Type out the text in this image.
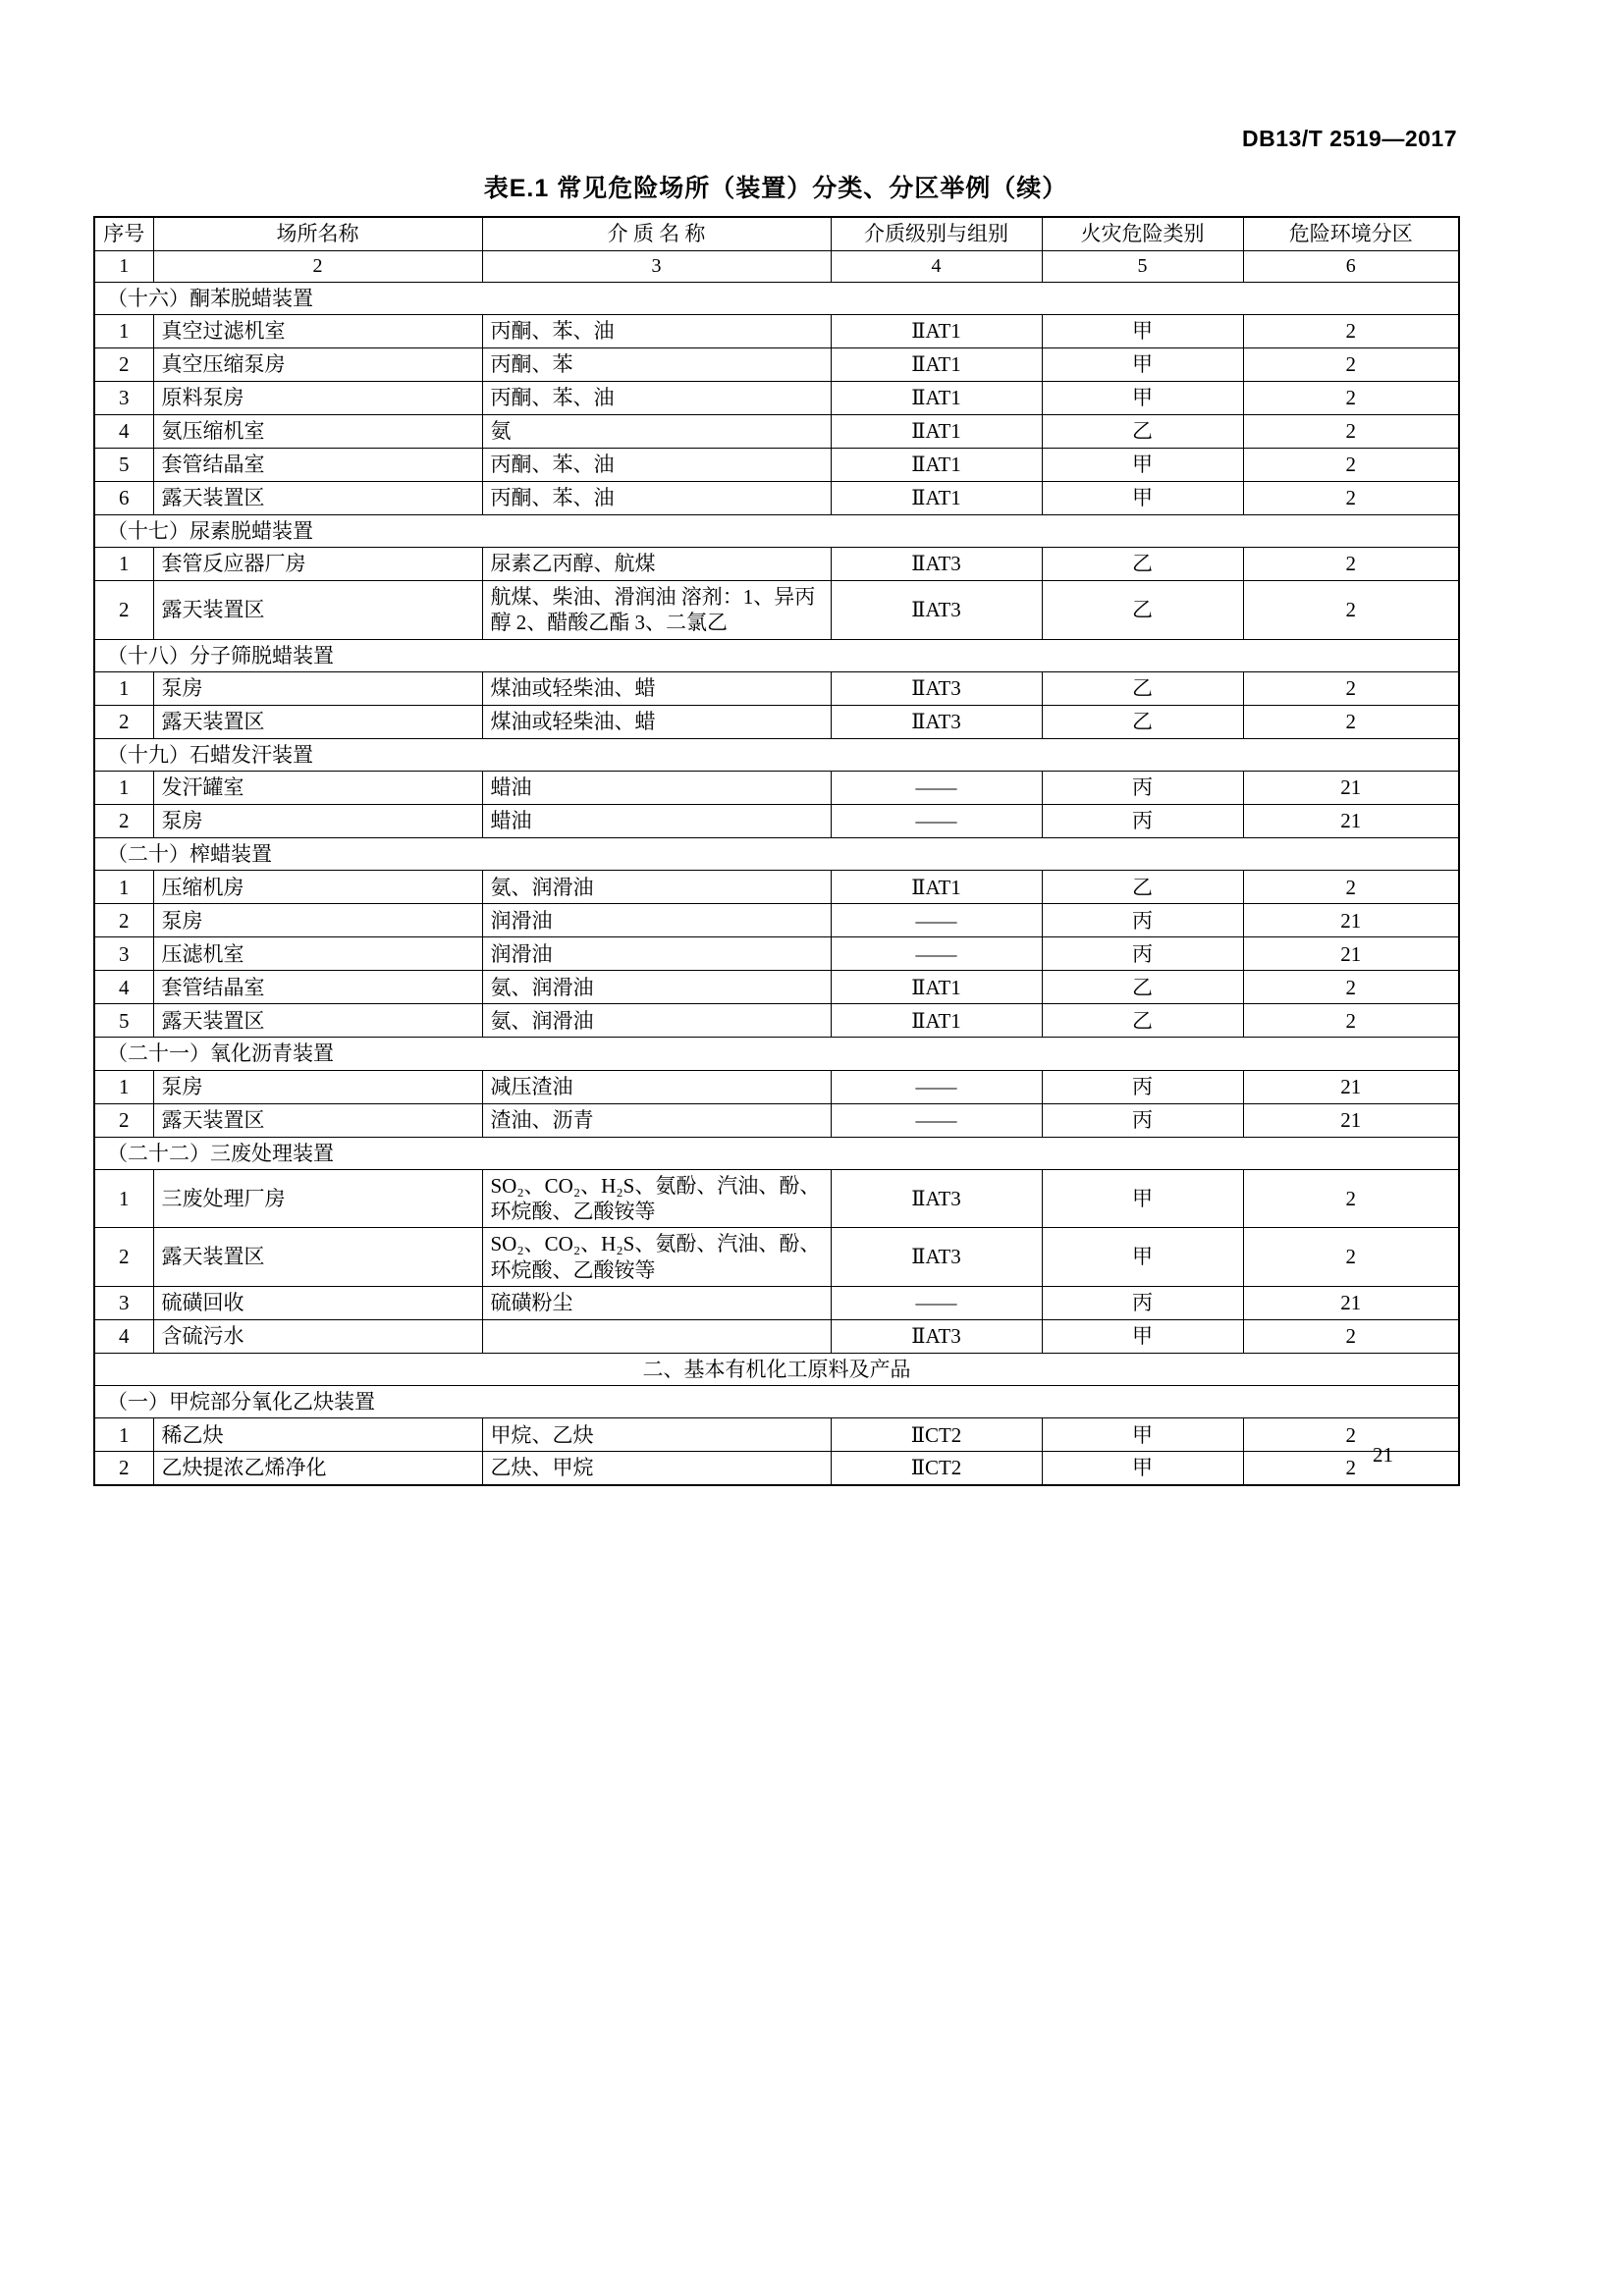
DB13/T 2519—2017
表E.1 常见危险场所（装置）分类、分区举例（续）
序号	场所名称	介 质 名 称	介质级别与组别	火灾危险类别	危险环境分区
1	2	3	4	5	6
（十六）酮苯脱蜡装置					
1	真空过滤机室	丙酮、苯、油	ⅡAT1	甲	2
2	真空压缩泵房	丙酮、苯	ⅡAT1	甲	2
3	原料泵房	丙酮、苯、油	ⅡAT1	甲	2
4	氨压缩机室	氨	ⅡAT1	乙	2
5	套管结晶室	丙酮、苯、油	ⅡAT1	甲	2
6	露天装置区	丙酮、苯、油	ⅡAT1	甲	2
（十七）尿素脱蜡装置					
1	套管反应器厂房	尿素乙丙醇、航煤	ⅡAT3	乙	2
2	露天装置区	航煤、柴油、滑润油 溶剂：1、异丙醇 2、醋酸乙酯 3、二氯乙	ⅡAT3	乙	2
（十八）分子筛脱蜡装置					
1	泵房	煤油或轻柴油、蜡	ⅡAT3	乙	2
2	露天装置区	煤油或轻柴油、蜡	ⅡAT3	乙	2
（十九）石蜡发汗装置					
1	发汗罐室	蜡油	——	丙	21
2	泵房	蜡油	——	丙	21
（二十）榨蜡装置					
1	压缩机房	氨、润滑油	ⅡAT1	乙	2
2	泵房	润滑油	——	丙	21
3	压滤机室	润滑油	——	丙	21
4	套管结晶室	氨、润滑油	ⅡAT1	乙	2
5	露天装置区	氨、润滑油	ⅡAT1	乙	2
（二十一）氧化沥青装置					
1	泵房	减压渣油	——	丙	21
2	露天装置区	渣油、沥青	——	丙	21
（二十二）三废处理装置					
1	三废处理厂房	SO₂、CO₂、H₂S、氨酚、汽油、酚、环烷酸、乙酸铵等	ⅡAT3	甲	2
2	露天装置区	SO₂、CO₂、H₂S、氨酚、汽油、酚、环烷酸、乙酸铵等	ⅡAT3	甲	2
3	硫磺回收	硫磺粉尘	——	丙	21
4	含硫污水		ⅡAT3	甲	2
二、基本有机化工原料及产品					
（一）甲烷部分氧化乙炔装置					
1	稀乙炔	甲烷、乙炔	ⅡCT2	甲	2
2	乙炔提浓乙烯净化	乙炔、甲烷	ⅡCT2	甲	2
21
